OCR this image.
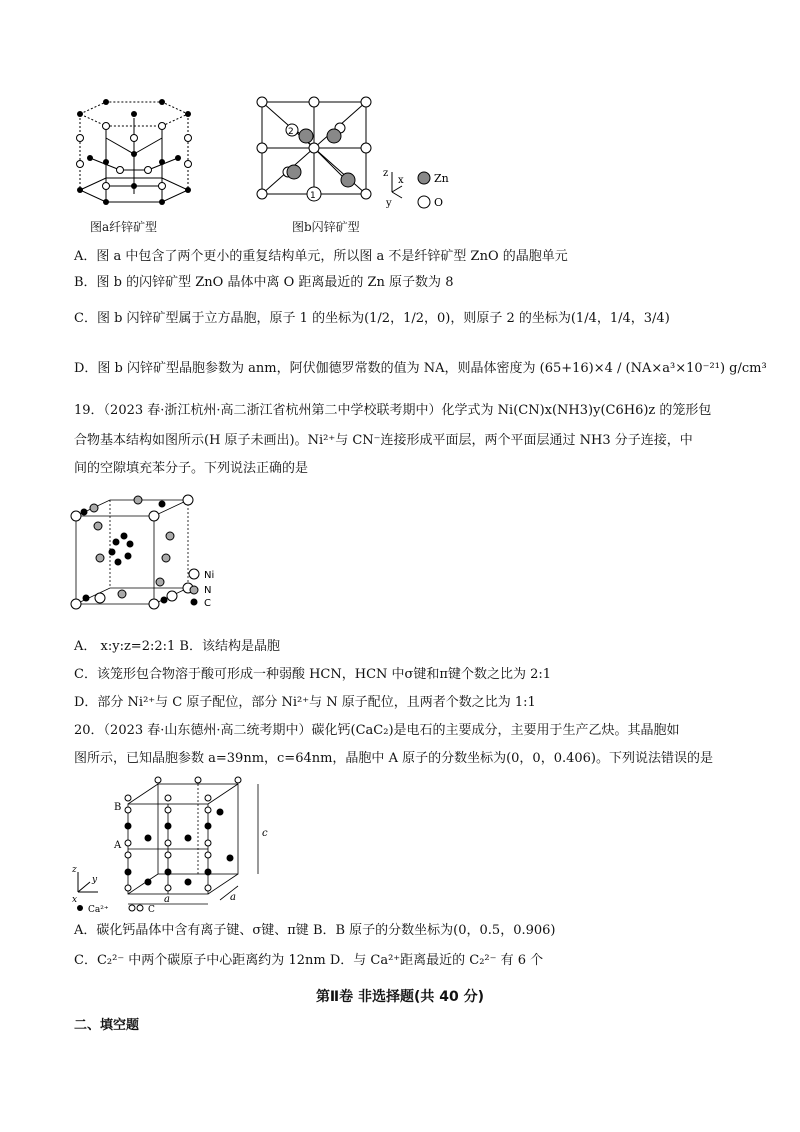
图a纤锌矿型
1
2
z
x
y
Zn
O
图b闪锌矿型
A．图 a 中包含了两个更小的重复结构单元，所以图 a 不是纤锌矿型 ZnO 的晶胞单元
B．图 b 的闪锌矿型 ZnO 晶体中离 O 距离最近的 Zn 原子数为 8
C．图 b 闪锌矿型属于立方晶胞，原子 1 的坐标为(1/2，1/2，0)，则原子 2 的坐标为(1/4，1/4，3/4)
D．图 b 闪锌矿型晶胞参数为 anm，阿伏伽德罗常数的值为 NA，则晶体密度为 (65+16)×4 / (NA×a³×10⁻²¹) g/cm³
19．（2023 春·浙江杭州·高二浙江省杭州第二中学校联考期中）化学式为 Ni(CN)x(NH3)y(C6H6)z 的笼形包
合物基本结构如图所示(H 原子未画出)。Ni²⁺与 CN⁻连接形成平面层，两个平面层通过 NH3 分子连接，中
间的空隙填充苯分子。下列说法正确的是
Ni
N
C
A． x:y:z=2:2:1 B．该结构是晶胞
C．该笼形包合物溶于酸可形成一种弱酸 HCN，HCN 中σ键和π键个数之比为 2:1
D．部分 Ni²⁺与 C 原子配位，部分 Ni²⁺与 N 原子配位，且两者个数之比为 1:1
20．（2023 春·山东德州·高二统考期中）碳化钙(CaC₂)是电石的主要成分，主要用于生产乙炔。其晶胞如
图所示，已知晶胞参数 a=39nm，c=64nm，晶胞中 A 原子的分数坐标为(0，0，0.406)。下列说法错误的是
z
y
x
B
A
c
a	a
Ca²⁺	C
A．碳化钙晶体中含有离子键、σ键、π键 B．B 原子的分数坐标为(0，0.5，0.906)
C．C₂²⁻ 中两个碳原子中心距离约为 12nm D．与 Ca²⁺距离最近的 C₂²⁻ 有 6 个
第Ⅱ卷 非选择题(共 40 分)
二、填空题
